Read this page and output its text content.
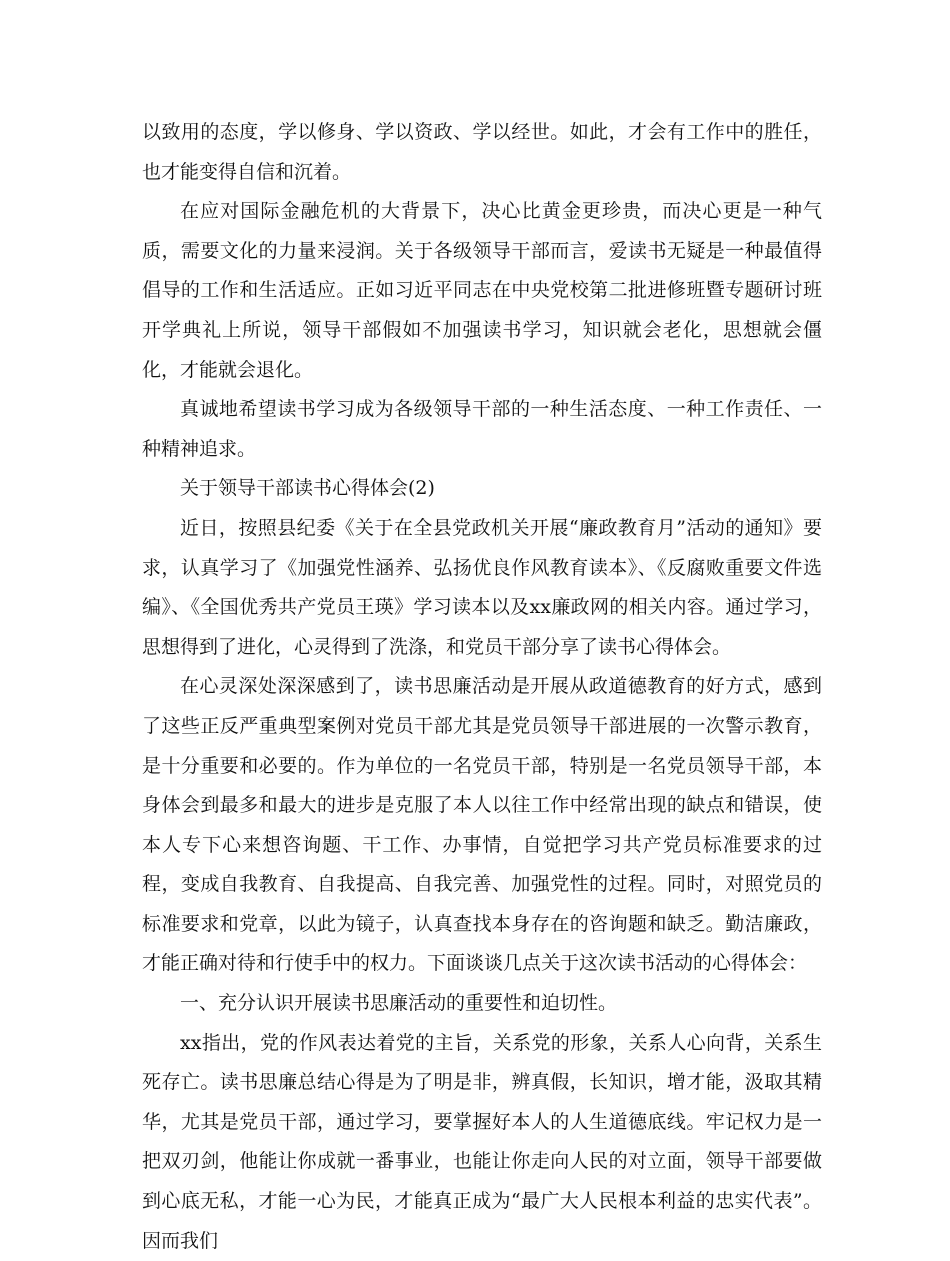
以致用的态度，学以修身、学以资政、学以经世。如此，才会有工作中的胜任，也才能变得自信和沉着。

在应对国际金融危机的大背景下，决心比黄金更珍贵，而决心更是一种气质，需要文化的力量来浸润。关于各级领导干部而言，爱读书无疑是一种最值得倡导的工作和生活适应。正如习近平同志在中央党校第二批进修班暨专题研讨班开学典礼上所说，领导干部假如不加强读书学习，知识就会老化，思想就会僵化，才能就会退化。

真诚地希望读书学习成为各级领导干部的一种生活态度、一种工作责任、一种精神追求。

关于领导干部读书心得体会(2)

近日，按照县纪委《关于在全县党政机关开展“廉政教育月”活动的通知》要求，认真学习了《加强党性涵养、弘扬优良作风教育读本》、《反腐败重要文件选编》、《全国优秀共产党员王瑛》学习读本以及xx廉政网的相关内容。通过学习，思想得到了进化，心灵得到了洗涤，和党员干部分享了读书心得体会。

在心灵深处深深感到了，读书思廉活动是开展从政道德教育的好方式，感到了这些正反严重典型案例对党员干部尤其是党员领导干部进展的一次警示教育，是十分重要和必要的。作为单位的一名党员干部，特别是一名党员领导干部，本身体会到最多和最大的进步是克服了本人以往工作中经常出现的缺点和错误，使本人专下心来想咨询题、干工作、办事情，自觉把学习共产党员标准要求的过程，变成自我教育、自我提高、自我完善、加强党性的过程。同时，对照党员的标准要求和党章，以此为镜子，认真查找本身存在的咨询题和缺乏。勤洁廉政，才能正确对待和行使手中的权力。下面谈谈几点关于这次读书活动的心得体会：

一、充分认识开展读书思廉活动的重要性和迫切性。

xx指出，党的作风表达着党的主旨，关系党的形象，关系人心向背，关系生死存亡。读书思廉总结心得是为了明是非，辨真假，长知识，增才能，汲取其精华，尤其是党员干部，通过学习，要掌握好本人的人生道德底线。牢记权力是一把双刃剑，他能让你成就一番事业，也能让你走向人民的对立面，领导干部要做到心底无私，才能一心为民，才能真正成为“最广大人民根本利益的忠实代表”。因而我们
